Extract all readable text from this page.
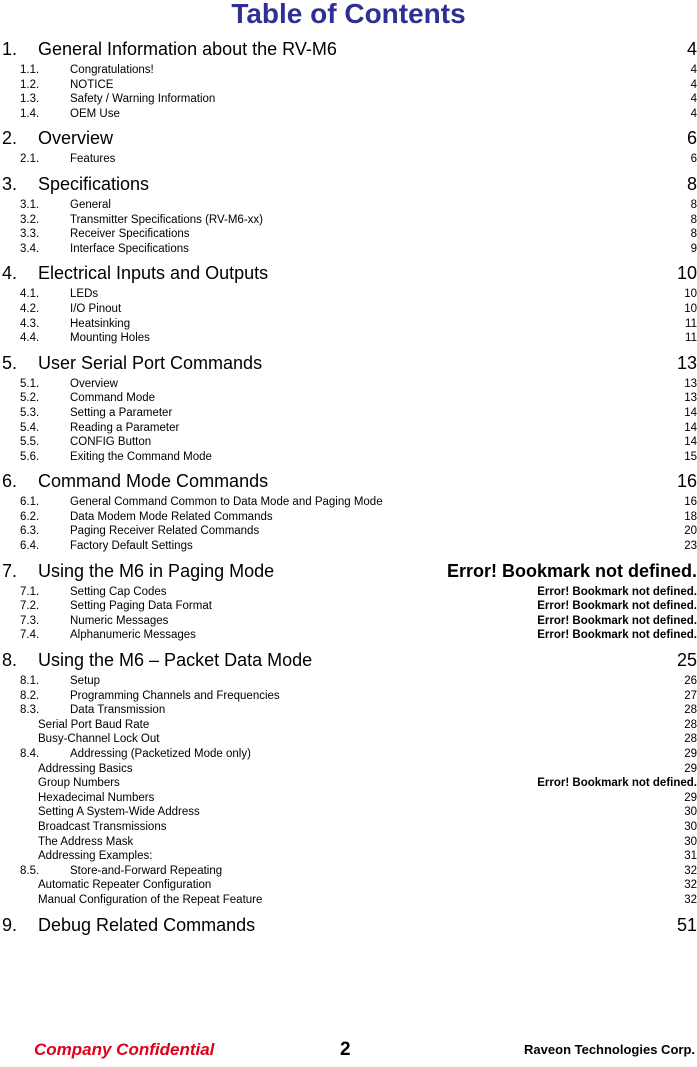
Table of Contents
1.	General Information about the RV-M6	4
1.1.	Congratulations!	4
1.2.	NOTICE	4
1.3.	Safety / Warning Information	4
1.4.	OEM Use	4
2.	Overview	6
2.1.	Features	6
3.	Specifications	8
3.1.	General	8
3.2.	Transmitter Specifications (RV-M6-xx)	8
3.3.	Receiver Specifications	8
3.4.	Interface Specifications	9
4.	Electrical Inputs and Outputs	10
4.1.	LEDs	10
4.2.	I/O Pinout	10
4.3.	Heatsinking	11
4.4.	Mounting Holes	11
5.	User Serial Port Commands	13
5.1.	Overview	13
5.2.	Command Mode	13
5.3.	Setting a Parameter	14
5.4.	Reading a Parameter	14
5.5.	CONFIG Button	14
5.6.	Exiting the Command Mode	15
6.	Command Mode Commands	16
6.1.	General Command Common to Data Mode and Paging Mode	16
6.2.	Data Modem Mode Related Commands	18
6.3.	Paging Receiver Related Commands	20
6.4.	Factory Default Settings	23
7.	Using the M6 in Paging Mode	Error! Bookmark not defined.
7.1.	Setting Cap Codes	Error! Bookmark not defined.
7.2.	Setting Paging Data Format	Error! Bookmark not defined.
7.3.	Numeric Messages	Error! Bookmark not defined.
7.4.	Alphanumeric Messages	Error! Bookmark not defined.
8.	Using the M6 – Packet Data Mode	25
8.1.	Setup	26
8.2.	Programming Channels and Frequencies	27
8.3.	Data Transmission	28
Serial Port Baud Rate	28
Busy-Channel Lock Out	28
8.4.	Addressing (Packetized Mode only)	29
Addressing Basics	29
Group Numbers	Error! Bookmark not defined.
Hexadecimal Numbers	29
Setting A System-Wide Address	30
Broadcast Transmissions	30
The Address Mask	30
Addressing Examples:	31
8.5.	Store-and-Forward Repeating	32
Automatic Repeater Configuration	32
Manual Configuration of the Repeat Feature	32
9.	Debug Related Commands	51
Company Confidential	2	Raveon Technologies Corp.
